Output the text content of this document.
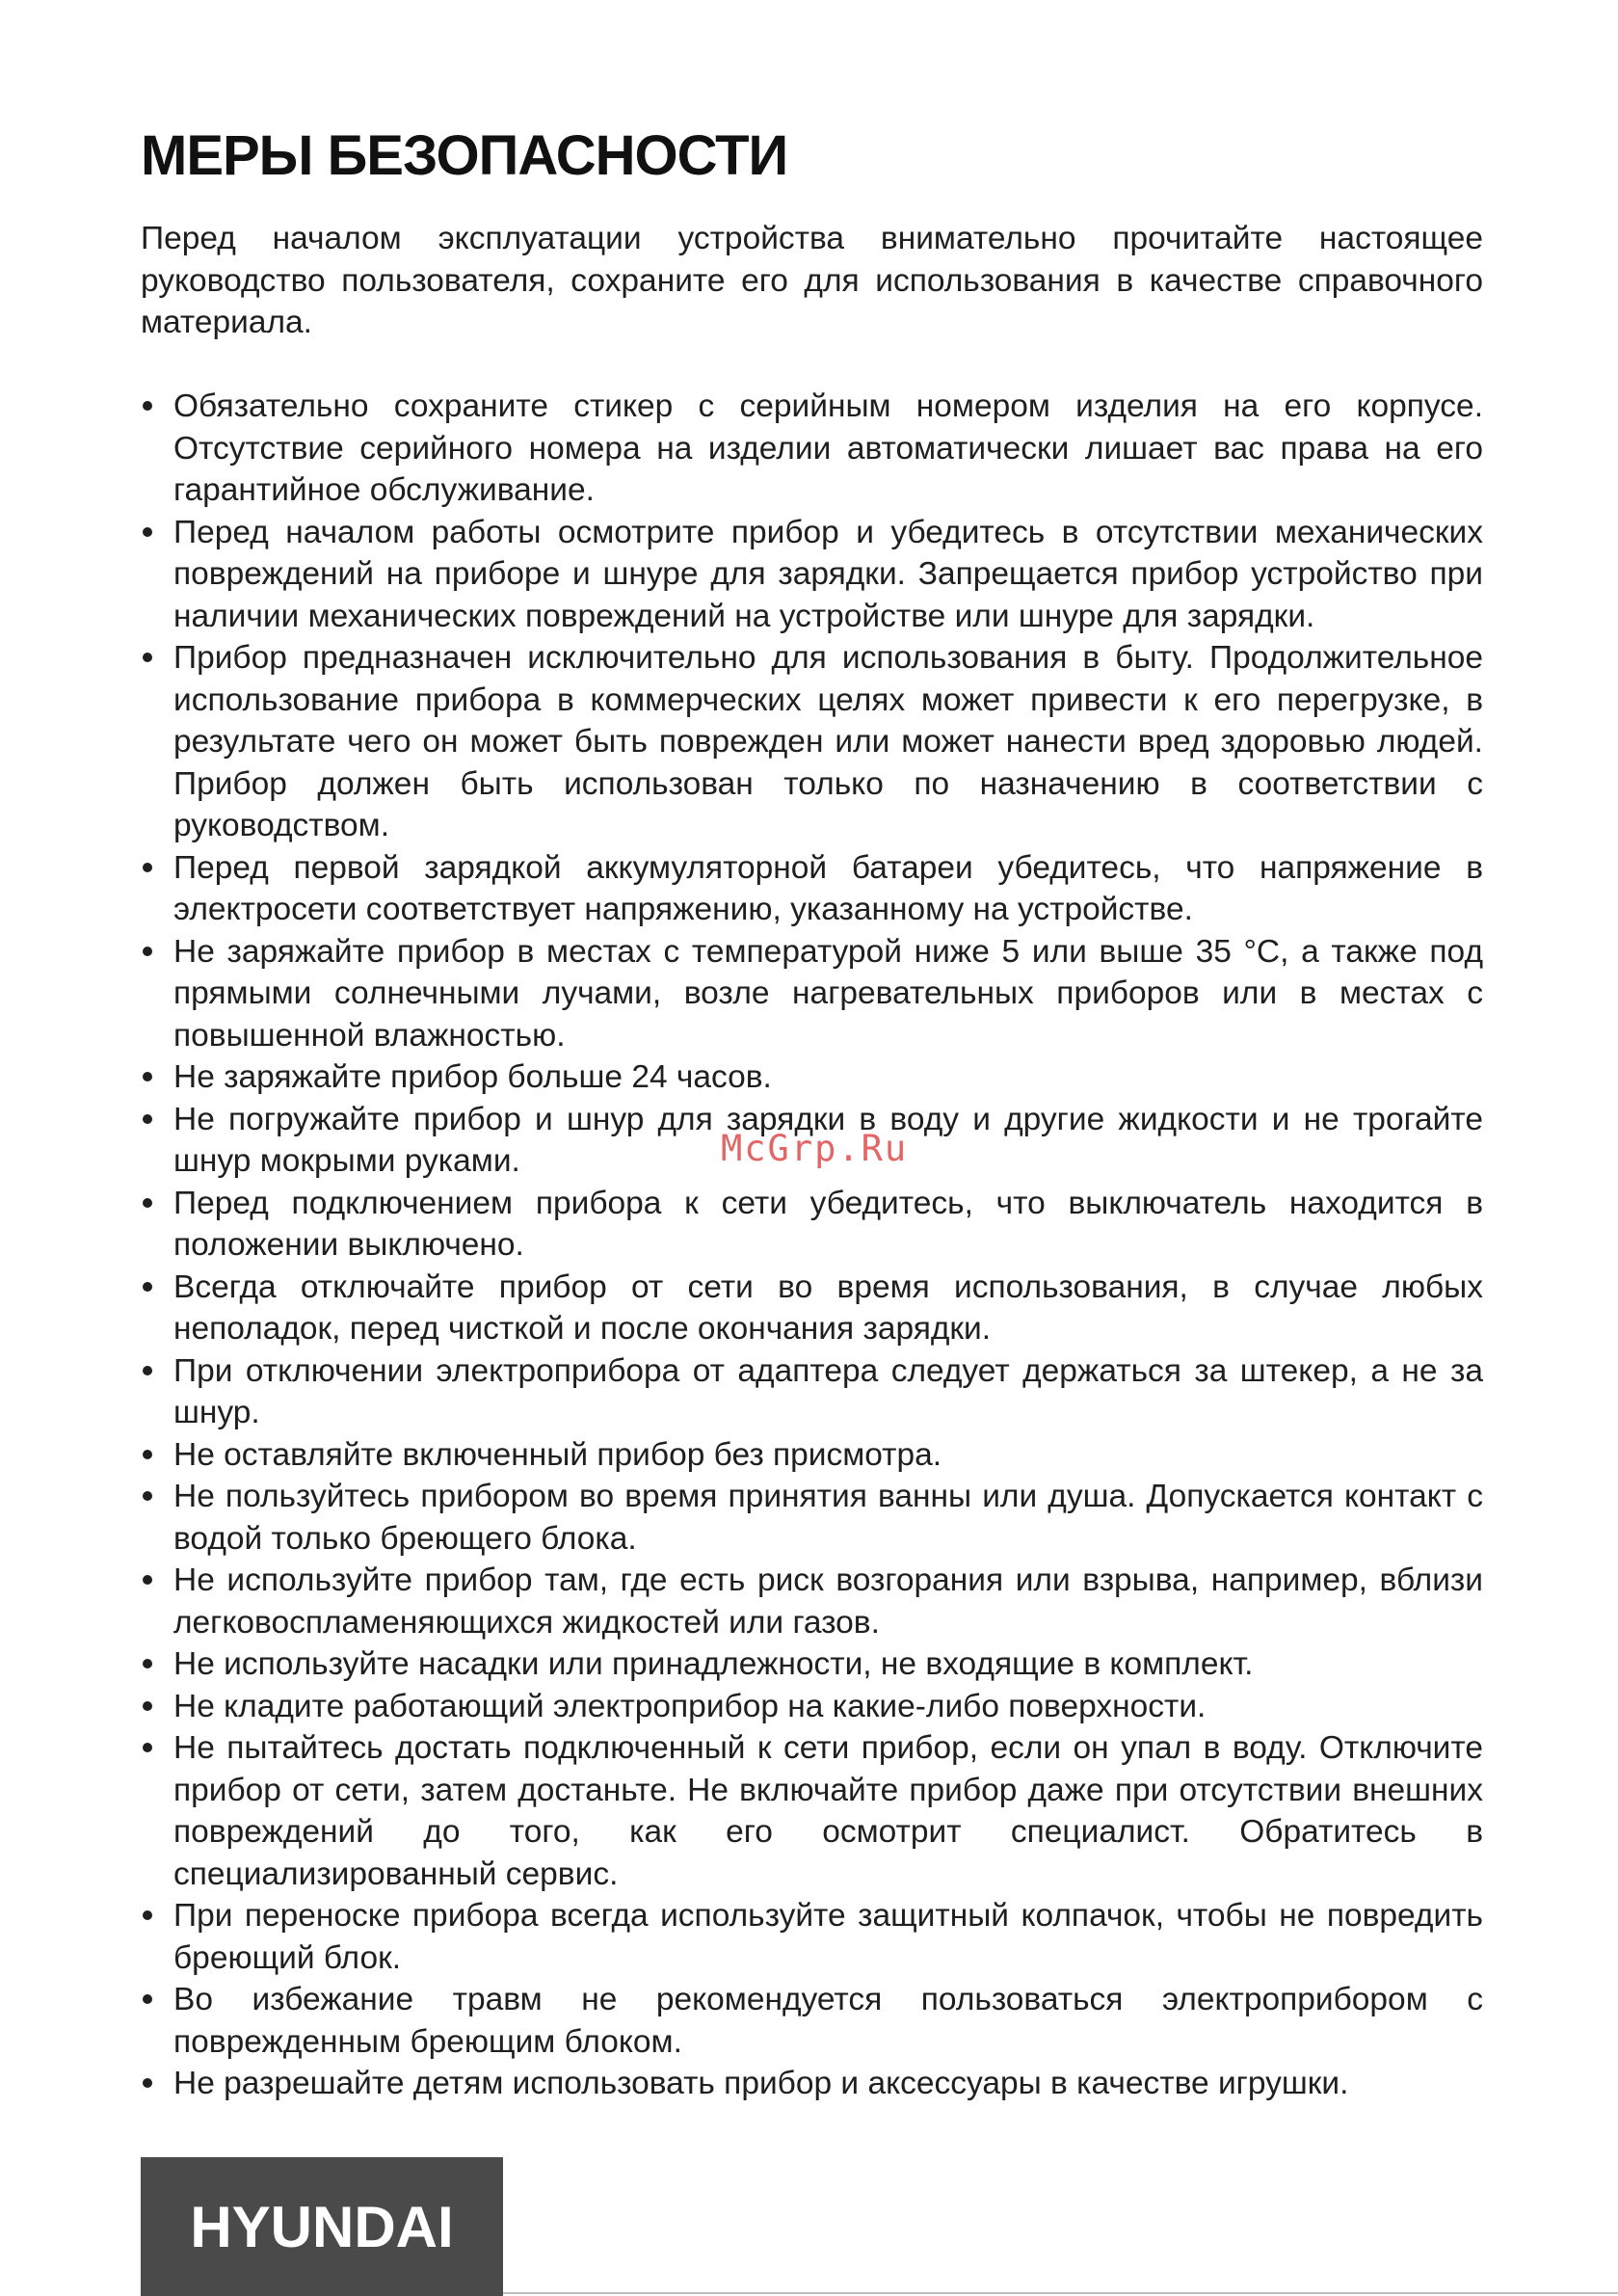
МЕРЫ БЕЗОПАСНОСТИ

Перед началом эксплуатации устройства внимательно прочитайте настоящее руководство пользователя, сохраните его для использования в качестве справочного материала.

Обязательно сохраните стикер с серийным номером изделия на его корпусе. Отсутствие серийного номера на изделии автоматически лишает вас права на его гарантийное обслуживание.
Перед началом работы осмотрите прибор и убедитесь в отсутствии механических повреждений на приборе и шнуре для зарядки. Запрещается прибор устройство при наличии механических повреждений на устройстве или шнуре для зарядки.
Прибор предназначен исключительно для использования в быту. Продолжительное использование прибора в коммерческих целях может привести к его перегрузке, в результате чего он может быть поврежден или может нанести вред здоровью людей. Прибор должен быть использован только по назначению в соответствии с руководством.
Перед первой зарядкой аккумуляторной батареи убедитесь, что напряжение в электросети соответствует напряжению, указанному на устройстве.
Не заряжайте прибор в местах с температурой ниже 5 или выше 35 °С, а также под прямыми солнечными лучами, возле нагревательных приборов или в местах с повышенной влажностью.
Не заряжайте прибор больше 24 часов.
Не погружайте прибор и шнур для зарядки в воду и другие жидкости и не трогайте шнур мокрыми руками.
Перед подключением прибора к сети убедитесь, что выключатель находится в положении выключено.
Всегда отключайте прибор от сети во время использования, в случае любых неполадок, перед чисткой и после окончания зарядки.
При отключении электроприбора от адаптера следует держаться за штекер, а не за шнур.
Не оставляйте включенный прибор без присмотра.
Не пользуйтесь прибором во время принятия ванны или душа. Допускается контакт с водой только бреющего блока.
Не используйте прибор там, где есть риск возгорания или взрыва, например, вблизи легковоспламеняющихся жидкостей или газов.
Не используйте насадки или принадлежности, не входящие в комплект.
Не кладите работающий электроприбор на какие-либо поверхности.
Не пытайтесь достать подключенный к сети прибор, если он упал в воду. Отключите прибор от сети, затем достаньте. Не включайте прибор даже при отсутствии внешних повреждений до того, как его осмотрит специалист. Обратитесь в специализированный сервис.
При переноске прибора всегда используйте защитный колпачок, чтобы не повредить бреющий блок.
Во избежание травм не рекомендуется пользоваться электроприбором с поврежденным бреющим блоком.
Не разрешайте детям использовать прибор и аксессуары в качестве игрушки.
McGrp.Ru
HYUNDAI
